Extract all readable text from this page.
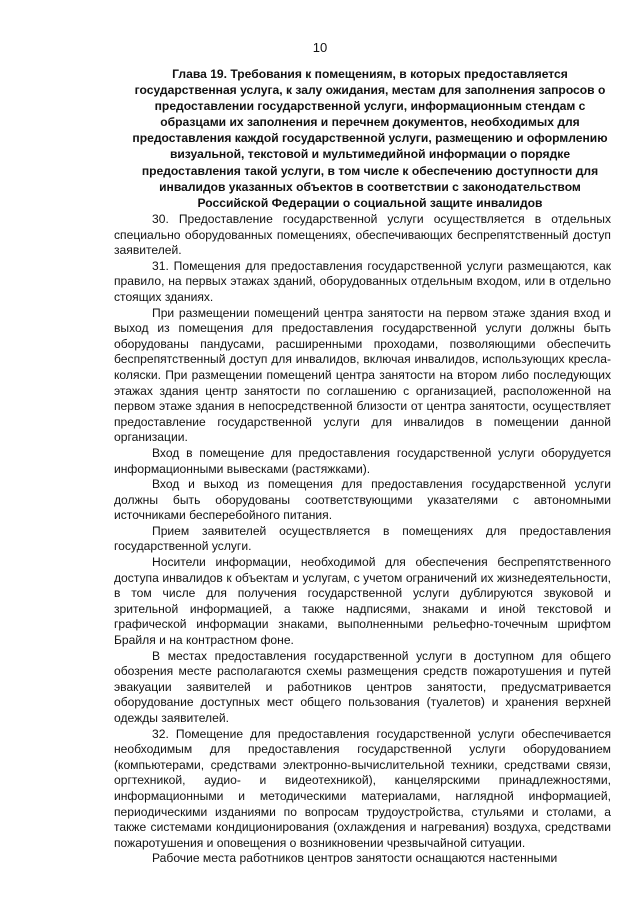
10
Глава 19. Требования к помещениям, в которых предоставляется государственная услуга, к залу ожидания, местам для заполнения запросов о предоставлении государственной услуги, информационным стендам с образцами их заполнения и перечнем документов, необходимых для предоставления каждой государственной услуги, размещению и оформлению визуальной, текстовой и мультимедийной информации о порядке предоставления такой услуги, в том числе к обеспечению доступности для инвалидов указанных объектов в соответствии с законодательством Российской Федерации о социальной защите инвалидов

30. Предоставление государственной услуги осуществляется в отдельных специально оборудованных помещениях, обеспечивающих беспрепятственный доступ заявителей.

31. Помещения для предоставления государственной услуги размещаются, как правило, на первых этажах зданий, оборудованных отдельным входом, или в отдельно стоящих зданиях.

При размещении помещений центра занятости на первом этаже здания вход и выход из помещения для предоставления государственной услуги должны быть оборудованы пандусами, расширенными проходами, позволяющими обеспечить беспрепятственный доступ для инвалидов, включая инвалидов, использующих кресла-коляски. При размещении помещений центра занятости на втором либо последующих этажах здания центр занятости по соглашению с организацией, расположенной на первом этаже здания в непосредственной близости от центра занятости, осуществляет предоставление государственной услуги для инвалидов в помещении данной организации.

Вход в помещение для предоставления государственной услуги оборудуется информационными вывесками (растяжками).

Вход и выход из помещения для предоставления государственной услуги должны быть оборудованы соответствующими указателями с автономными источниками бесперебойного питания.

Прием заявителей осуществляется в помещениях для предоставления государственной услуги.

Носители информации, необходимой для обеспечения беспрепятственного доступа инвалидов к объектам и услугам, с учетом ограничений их жизнедеятельности, в том числе для получения государственной услуги дублируются звуковой и зрительной информацией, а также надписями, знаками и иной текстовой и графической информации знаками, выполненными рельефно-точечным шрифтом Брайля и на контрастном фоне.

В местах предоставления государственной услуги в доступном для общего обозрения месте располагаются схемы размещения средств пожаротушения и путей эвакуации заявителей и работников центров занятости, предусматривается оборудование доступных мест общего пользования (туалетов) и хранения верхней одежды заявителей.

32. Помещение для предоставления государственной услуги обеспечивается необходимым для предоставления государственной услуги оборудованием (компьютерами, средствами электронно-вычислительной техники, средствами связи, оргтехникой, аудио- и видеотехникой), канцелярскими принадлежностями, информационными и методическими материалами, наглядной информацией, периодическими изданиями по вопросам трудоустройства, стульями и столами, а также системами кондиционирования (охлаждения и нагревания) воздуха, средствами пожаротушения и оповещения о возникновении чрезвычайной ситуации.

Рабочие места работников центров занятости оснащаются настенными
